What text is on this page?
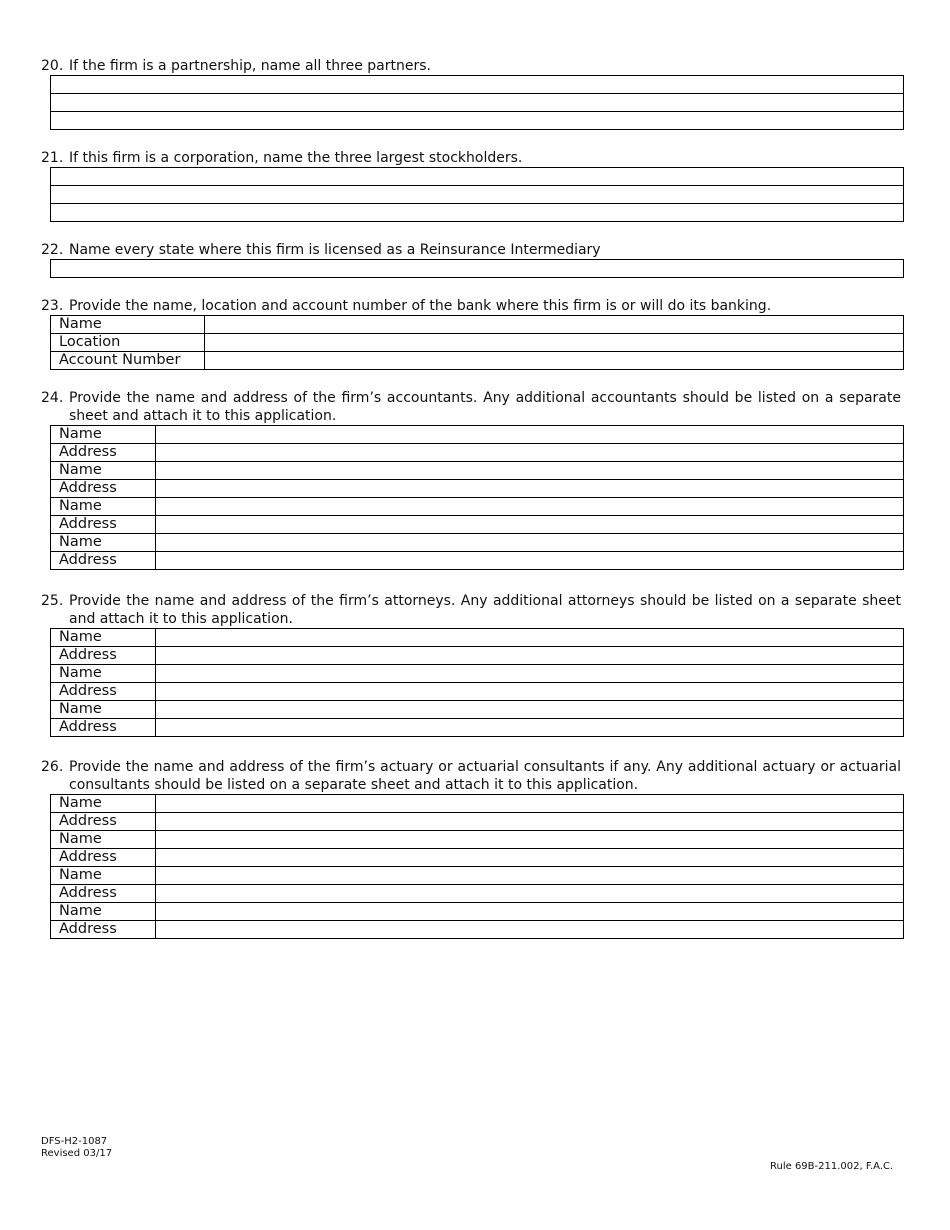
20. If the firm is a partnership, name all three partners.

21. If this firm is a corporation, name the three largest stockholders.

22. Name every state where this firm is licensed as a Reinsurance Intermediary
23. Provide the name, location and account number of the bank where this firm is or will do its banking.
Name	
Location	
Account Number	
24. Provide the name and address of the firm’s accountants. Any additional accountants should be listed on a separate sheet and attach it to this application.
Name	
Address	
Name	
Address	
Name	
Address	
Name	
Address	
25. Provide the name and address of the firm’s attorneys. Any additional attorneys should be listed on a separate sheet and attach it to this application.
Name	
Address	
Name	
Address	
Name	
Address	
26. Provide the name and address of the firm’s actuary or actuarial consultants if any. Any additional actuary or actuarial consultants should be listed on a separate sheet and attach it to this application.
Name	
Address	
Name	
Address	
Name	
Address	
Name	
Address	
DFS-H2-1087
Revised 03/17
Rule 69B-211.002, F.A.C.
